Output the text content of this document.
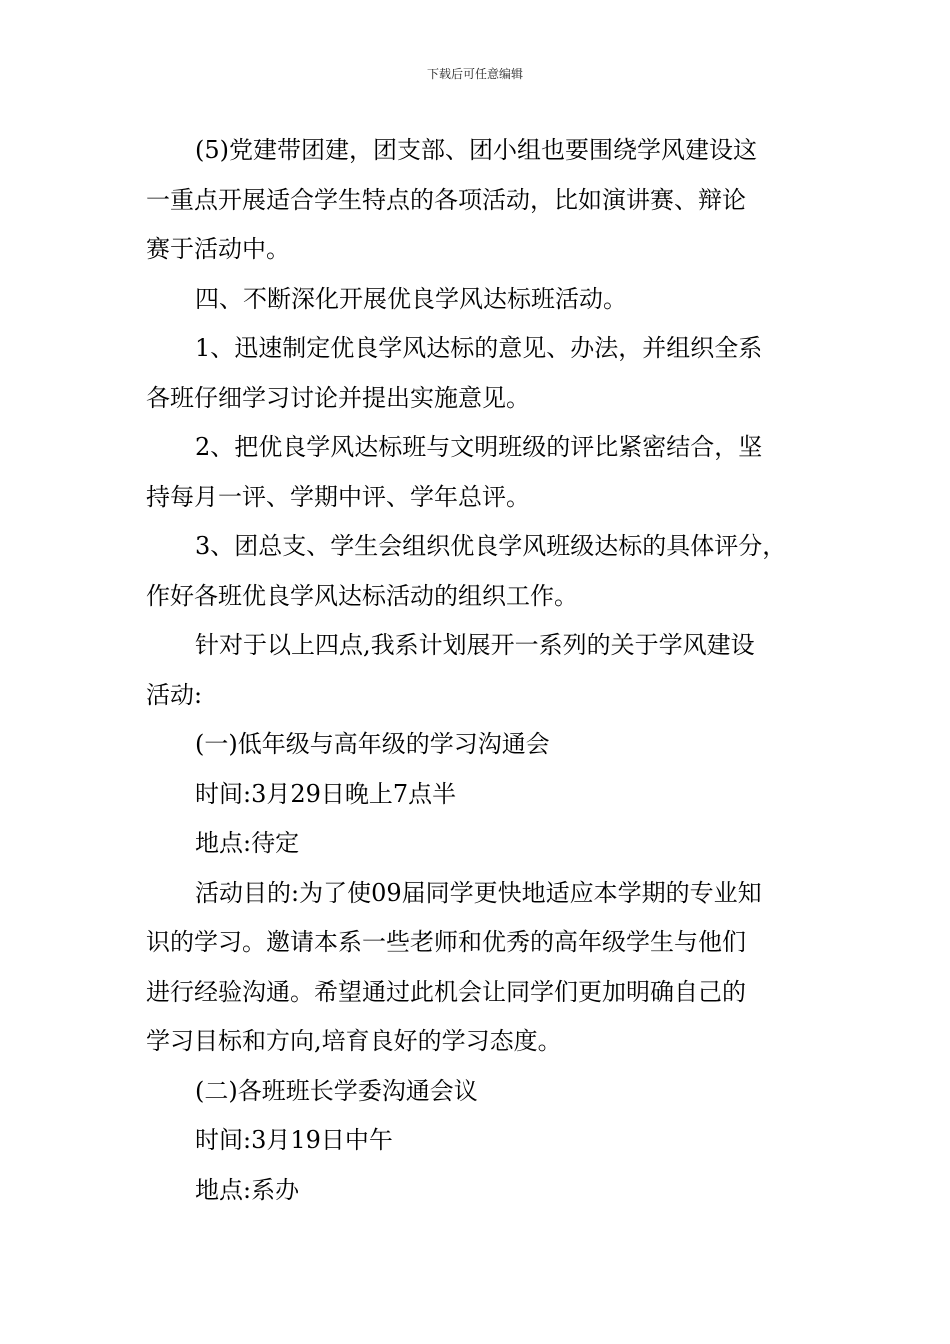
下载后可任意编辑

(5)党建带团建，团支部、团小组也要围绕学风建设这
一重点开展适合学生特点的各项活动，比如演讲赛、辩论
赛于活动中。

四、不断深化开展优良学风达标班活动。

1、迅速制定优良学风达标的意见、办法，并组织全系
各班仔细学习讨论并提出实施意见。

2、把优良学风达标班与文明班级的评比紧密结合，坚
持每月一评、学期中评、学年总评。

3、团总支、学生会组织优良学风班级达标的具体评分，
作好各班优良学风达标活动的组织工作。

针对于以上四点,我系计划展开一系列的关于学风建设
活动:

(一)低年级与高年级的学习沟通会

时间:3月29日晚上7点半

地点:待定

活动目的:为了使09届同学更快地适应本学期的专业知
识的学习。邀请本系一些老师和优秀的高年级学生与他们
进行经验沟通。希望通过此机会让同学们更加明确自己的
学习目标和方向,培育良好的学习态度。

(二)各班班长学委沟通会议

时间:3月19日中午

地点:系办
